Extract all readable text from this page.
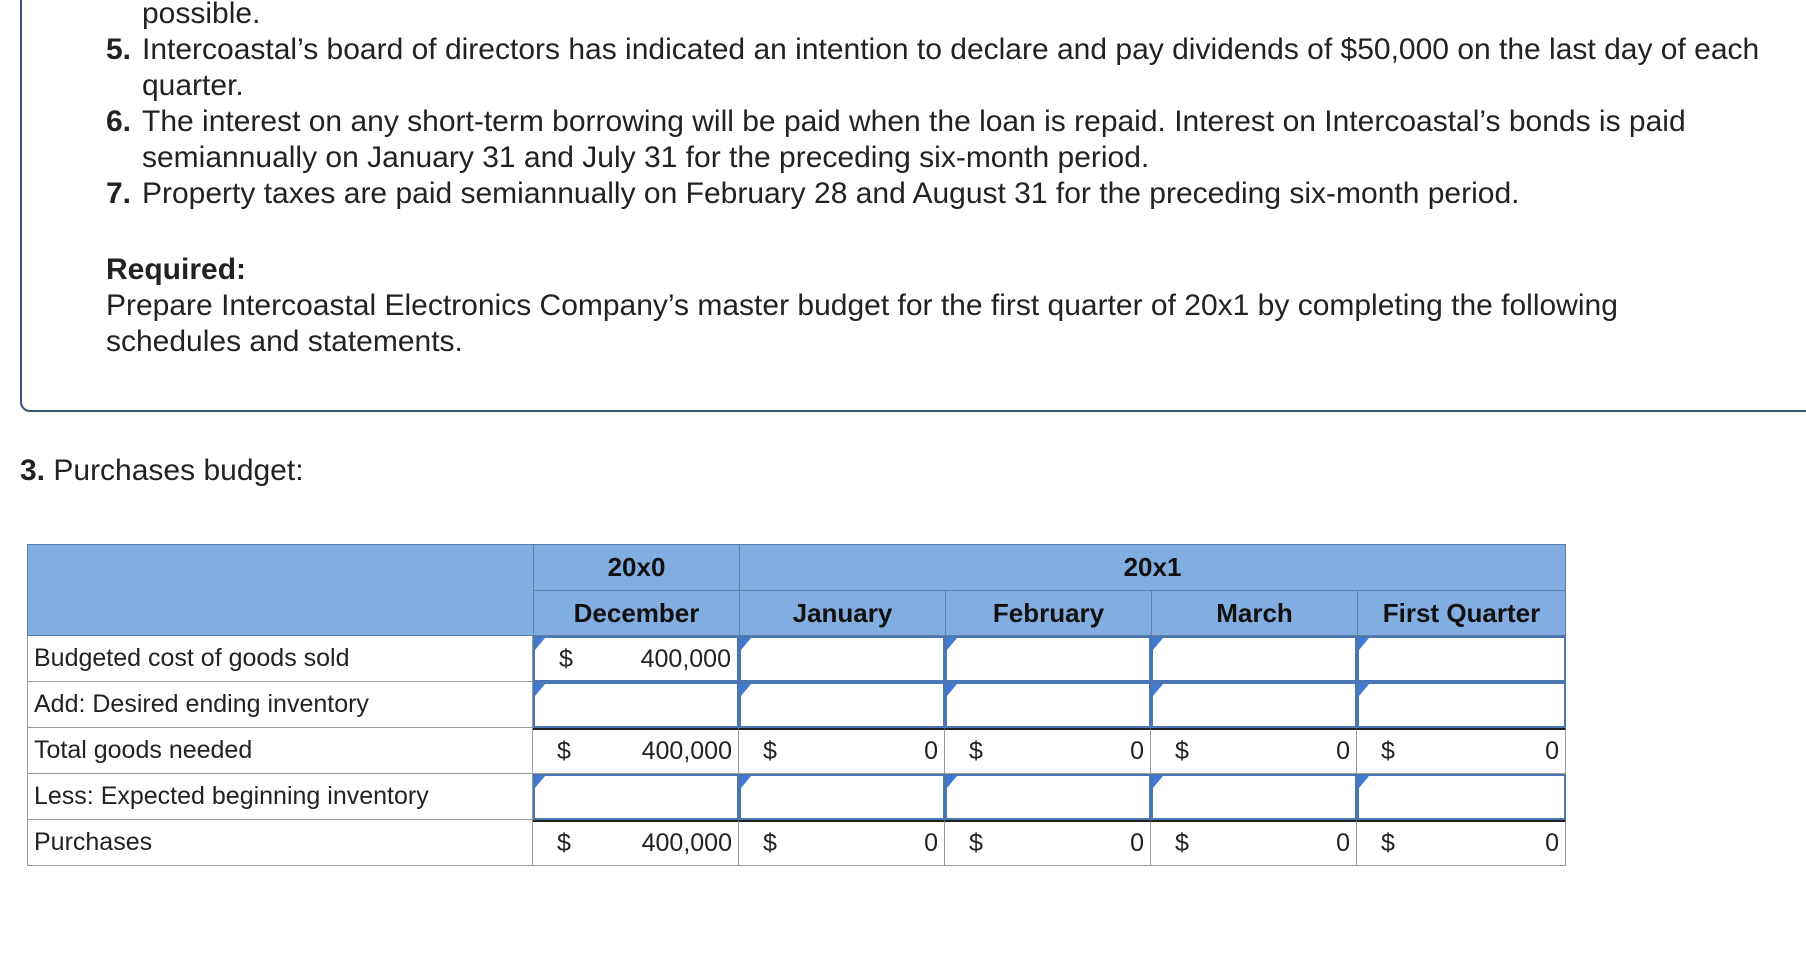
possible.
5. Intercoastal’s board of directors has indicated an intention to declare and pay dividends of $50,000 on the last day of each quarter.
6. The interest on any short-term borrowing will be paid when the loan is repaid. Interest on Intercoastal’s bonds is paid semiannually on January 31 and July 31 for the preceding six-month period.
7. Property taxes are paid semiannually on February 28 and August 31 for the preceding six-month period.
Required:
Prepare Intercoastal Electronics Company’s master budget for the first quarter of 20x1 by completing the following schedules and statements.
3. Purchases budget:
20x0	20x1
December	January	February	March	First Quarter
Budgeted cost of goods sold	$	400,000
Add: Desired ending inventory
Total goods needed	$	400,000 $	0 $	0 $	0 $	0
Less: Expected beginning inventory
Purchases	$	400,000 $	0 $	0 $	0 $	0
